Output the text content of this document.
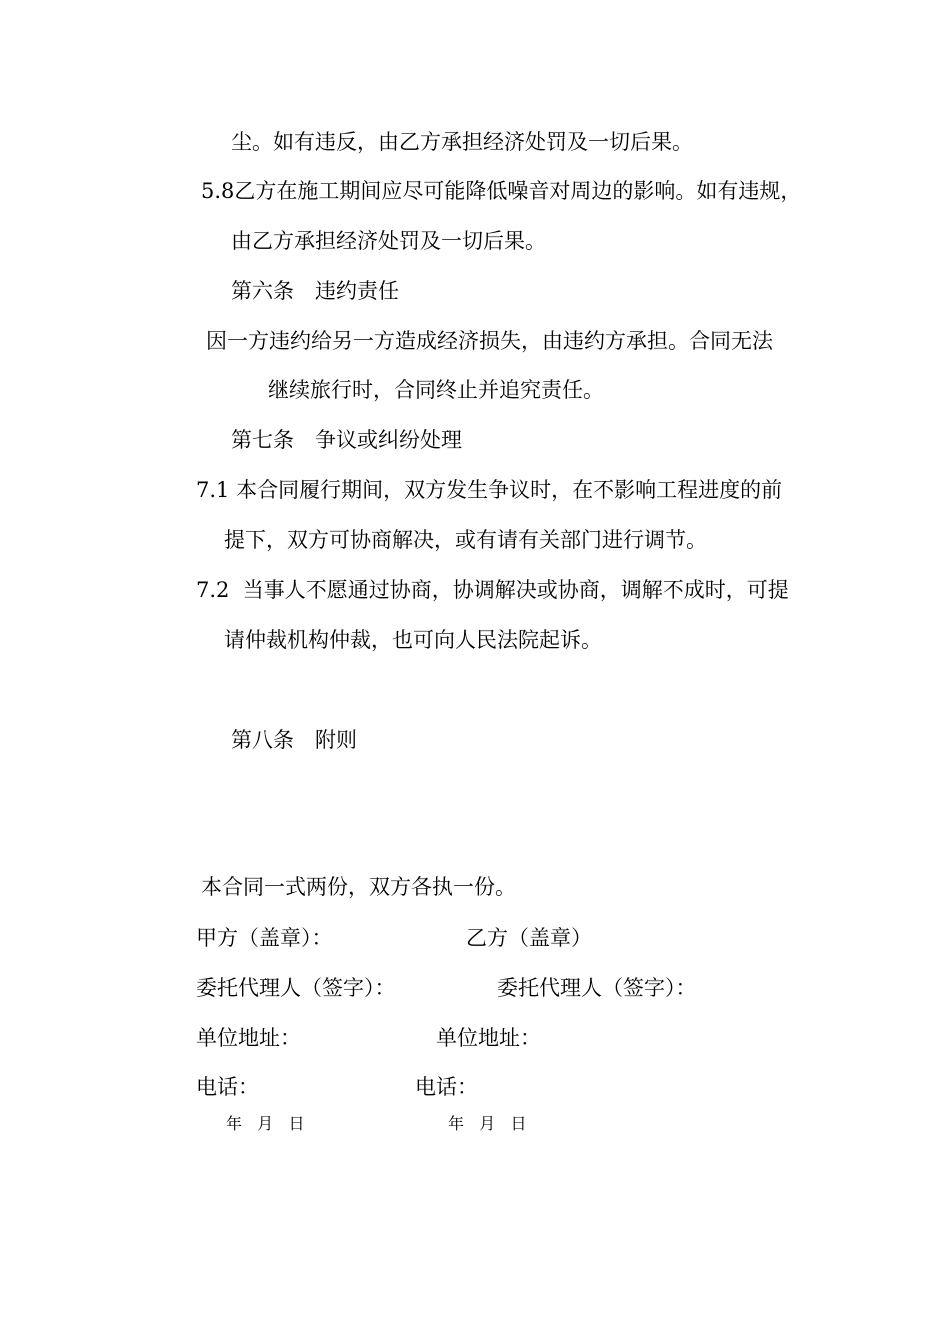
尘。如有违反，由乙方承担经济处罚及一切后果。
5.8乙方在施工期间应尽可能降低噪音对周边的影响。如有违规，
由乙方承担经济处罚及一切后果。
第六条　违约责任
因一方违约给另一方造成经济损失，由违约方承担。合同无法
继续旅行时，合同终止并追究责任。
第七条　争议或纠纷处理
7.1 本合同履行期间，双方发生争议时，在不影响工程进度的前
提下，双方可协商解决，或有请有关部门进行调节。
7.2  当事人不愿通过协商，协调解决或协商，调解不成时，可提
请仲裁机构仲裁，也可向人民法院起诉。
第八条　附则
本合同一式两份，双方各执一份。
甲方（盖章）：	乙方（盖章）
委托代理人（签字）：	委托代理人（签字）：
单位地址：	单位地址：
电话：	电话：
年   月   日	年   月   日
